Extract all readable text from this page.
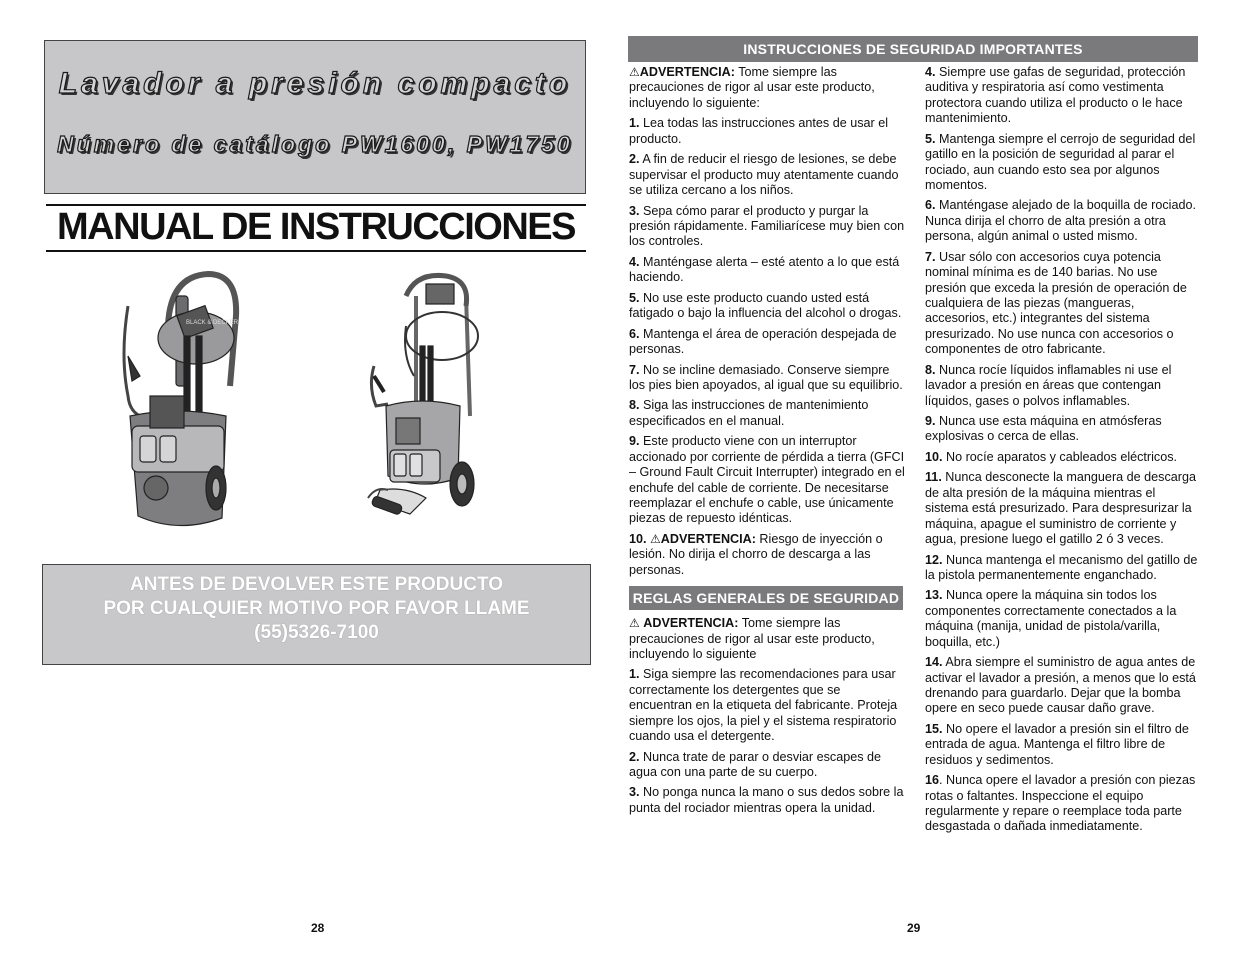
Lavador a presión compacto
Número de catálogo PW1600, PW1750
MANUAL DE INSTRUCCIONES
BLACK & DECKER
ANTES DE DEVOLVER ESTE PRODUCTO
POR CUALQUIER MOTIVO POR FAVOR LLAME
(55)5326-7100
28
INSTRUCCIONES DE SEGURIDAD IMPORTANTES

⚠ADVERTENCIA: Tome siempre las precauciones de rigor al usar este producto, incluyendo lo siguiente:

1. Lea todas las instrucciones antes de usar el producto.

2. A fin de reducir el riesgo de lesiones, se debe supervisar el producto muy atentamente cuando se utiliza cercano a los niños.

3. Sepa cómo parar el producto y purgar la presión rápidamente. Familiarícese muy bien con los controles.

4. Manténgase alerta – esté atento a lo que está haciendo.

5. No use este producto cuando usted está fatigado o bajo la influencia del alcohol o drogas.

6. Mantenga el área de operación despejada de personas.

7. No se incline demasiado. Conserve siempre los pies bien apoyados, al igual que su equilibrio.

8. Siga las instrucciones de mantenimiento especificados en el manual.

9. Este producto viene con un interruptor accionado por corriente de pérdida a tierra (GFCI – Ground Fault Circuit Interrupter) integrado en el enchufe del cable de corriente. De necesitarse reemplazar el enchufe o cable, use únicamente piezas de repuesto idénticas.

10. ⚠ADVERTENCIA: Riesgo de inyección o lesión. No dirija el chorro de descarga a las personas.

REGLAS GENERALES DE SEGURIDAD

⚠ ADVERTENCIA: Tome siempre las precauciones de rigor al usar este producto, incluyendo lo siguiente

1. Siga siempre las recomendaciones para usar correctamente los detergentes que se encuentran en la etiqueta del fabricante. Proteja siempre los ojos, la piel y el sistema respiratorio cuando usa el detergente.

2. Nunca trate de parar o desviar escapes de agua con una parte de su cuerpo.

3. No ponga nunca la mano o sus dedos sobre la punta del rociador mientras opera la unidad.

4. Siempre use gafas de seguridad, protección auditiva y respiratoria así como vestimenta protectora cuando utiliza el producto o le hace mantenimiento.

5. Mantenga siempre el cerrojo de seguridad del gatillo en la posición de seguridad al parar el rociado, aun cuando esto sea por algunos momentos.

6. Manténgase alejado de la boquilla de rociado. Nunca dirija el chorro de alta presión a otra persona, algún animal o usted mismo.

7. Usar sólo con accesorios cuya potencia nominal mínima es de 140 barias. No use presión que exceda la presión de operación de cualquiera de las piezas (mangueras, accesorios, etc.) integrantes del sistema presurizado. No use nunca con accesorios o componentes de otro fabricante.

8. Nunca rocíe líquidos inflamables ni use el lavador a presión en áreas que contengan líquidos, gases o polvos inflamables.

9. Nunca use esta máquina en atmósferas explosivas o cerca de ellas.

10. No rocíe aparatos y cableados eléctricos.

11. Nunca desconecte la manguera de descarga de alta presión de la máquina mientras el sistema está presurizado. Para despresurizar la máquina, apague el suministro de corriente y agua, presione luego el gatillo 2 ó 3 veces.

12. Nunca mantenga el mecanismo del gatillo de la pistola permanentemente enganchado.

13. Nunca opere la máquina sin todos los componentes correctamente conectados a la máquina (manija, unidad de pistola/varilla, boquilla, etc.)

14. Abra siempre el suministro de agua antes de activar el lavador a presión, a menos que lo está drenando para guardarlo. Dejar que la bomba opere en seco puede causar daño grave.

15. No opere el lavador a presión sin el filtro de entrada de agua. Mantenga el filtro libre de residuos y sedimentos.

16. Nunca opere el lavador a presión con piezas rotas o faltantes. Inspeccione el equipo regularmente y repare o reemplace toda parte desgastada o dañada inmediatamente.

29
